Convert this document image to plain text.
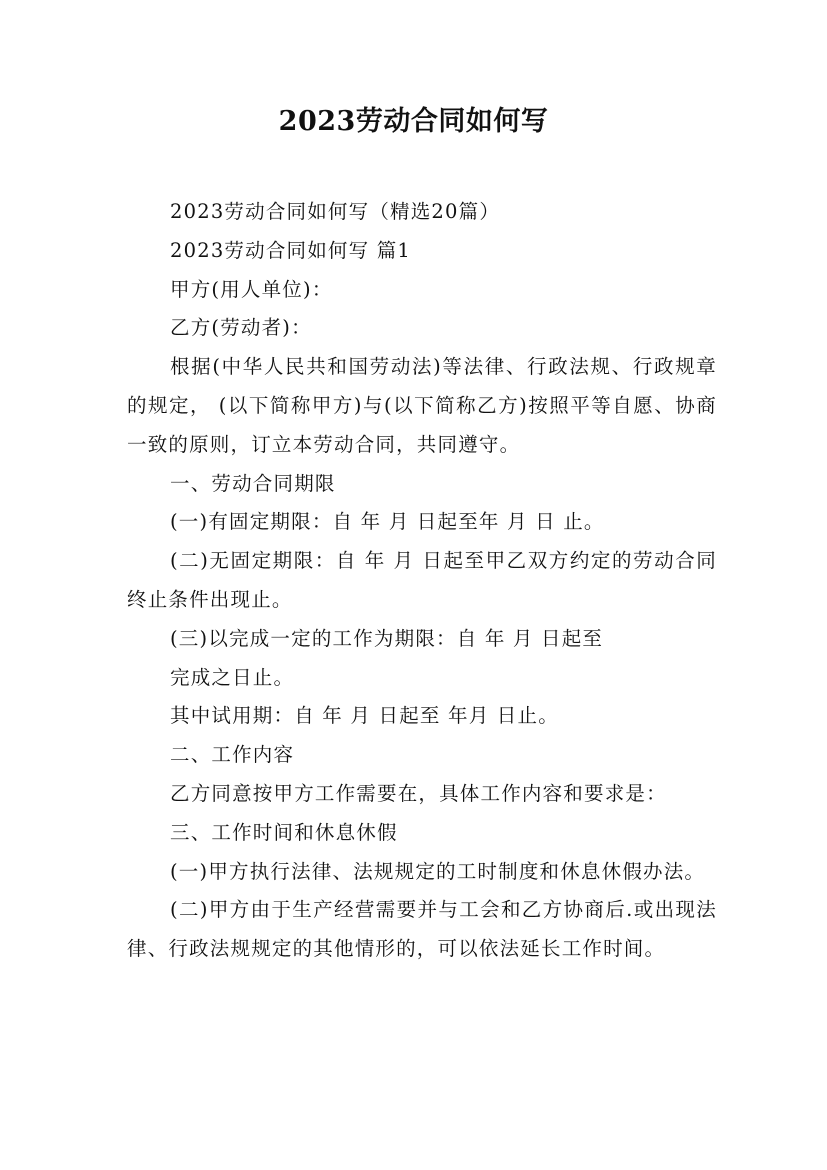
2023劳动合同如何写

2023劳动合同如何写（精选20篇）

2023劳动合同如何写 篇1

甲方(用人单位)：

乙方(劳动者)：

根据(中华人民共和国劳动法)等法律、行政法规、行政规章的规定， (以下简称甲方)与(以下简称乙方)按照平等自愿、协商一致的原则，订立本劳动合同，共同遵守。

一、劳动合同期限

(一)有固定期限：自 年 月 日起至年 月 日 止。

(二)无固定期限：自 年 月 日起至甲乙双方约定的劳动合同终止条件出现止。

(三)以完成一定的工作为期限：自 年 月 日起至

完成之日止。

其中试用期：自 年 月 日起至 年月 日止。

二、工作内容

乙方同意按甲方工作需要在，具体工作内容和要求是：

三、工作时间和休息休假

(一)甲方执行法律、法规规定的工时制度和休息休假办法。

(二)甲方由于生产经营需要并与工会和乙方协商后.或出现法律、行政法规规定的其他情形的，可以依法延长工作时间。
